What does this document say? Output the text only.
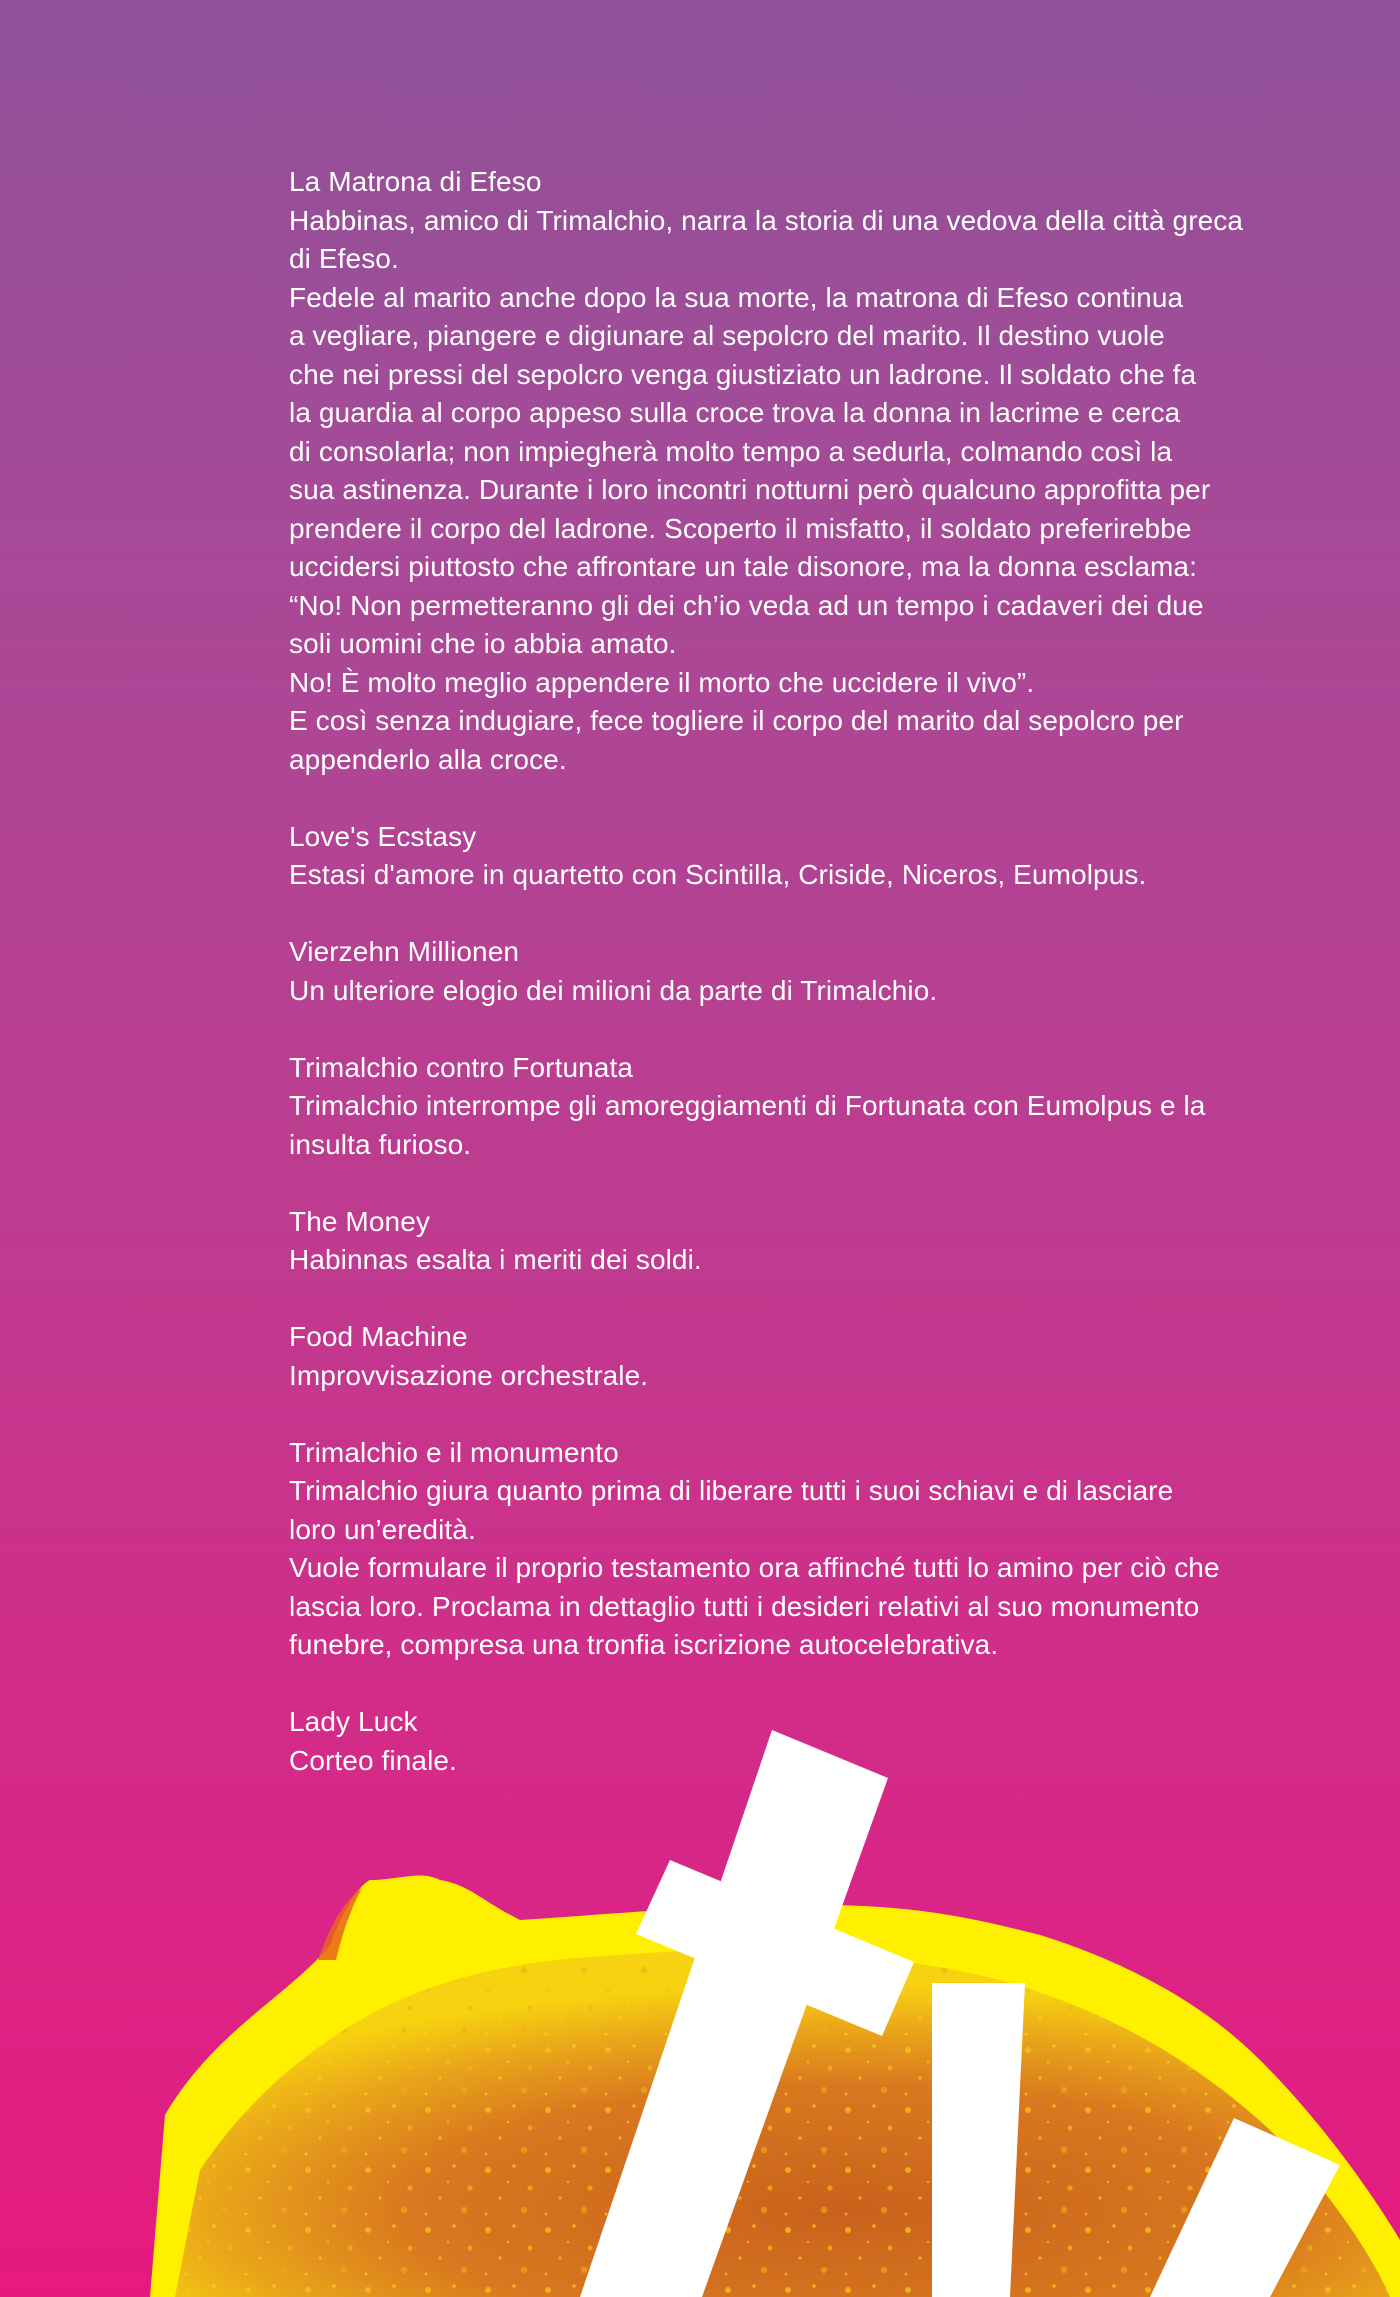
La Matrona di Efeso
Habbinas, amico di Trimalchio, narra la storia di una vedova della città greca
di Efeso.
Fedele al marito anche dopo la sua morte, la matrona di Efeso continua
a vegliare, piangere e digiunare al sepolcro del marito. Il destino vuole
che nei pressi del sepolcro venga giustiziato un ladrone. Il soldato che fa
la guardia al corpo appeso sulla croce trova la donna in lacrime e cerca
di consolarla; non impiegherà molto tempo a sedurla, colmando così la
sua astinenza. Durante i loro incontri notturni però qualcuno approfitta per
prendere il corpo del ladrone. Scoperto il misfatto, il soldato preferirebbe
uccidersi piuttosto che affrontare un tale disonore, ma la donna esclama:
“No! Non permetteranno gli dei ch’io veda ad un tempo i cadaveri dei due
soli uomini che io abbia amato.
No! È molto meglio appendere il morto che uccidere il vivo”.
E così senza indugiare, fece togliere il corpo del marito dal sepolcro per
appenderlo alla croce.
Love's Ecstasy
Estasi d'amore in quartetto con Scintilla, Criside, Niceros, Eumolpus.
Vierzehn Millionen
Un ulteriore elogio dei milioni da parte di Trimalchio.
Trimalchio contro Fortunata
Trimalchio interrompe gli amoreggiamenti di Fortunata con Eumolpus e la
insulta furioso.
The Money
Habinnas esalta i meriti dei soldi.
Food Machine
Improvvisazione orchestrale.
Trimalchio e il monumento
Trimalchio giura quanto prima di liberare tutti i suoi schiavi e di lasciare
loro un’eredità.
Vuole formulare il proprio testamento ora affinché tutti lo amino per ciò che
lascia loro. Proclama in dettaglio tutti i desideri relativi al suo monumento
funebre, compresa una tronfia iscrizione autocelebrativa.
Lady Luck
Corteo finale.
